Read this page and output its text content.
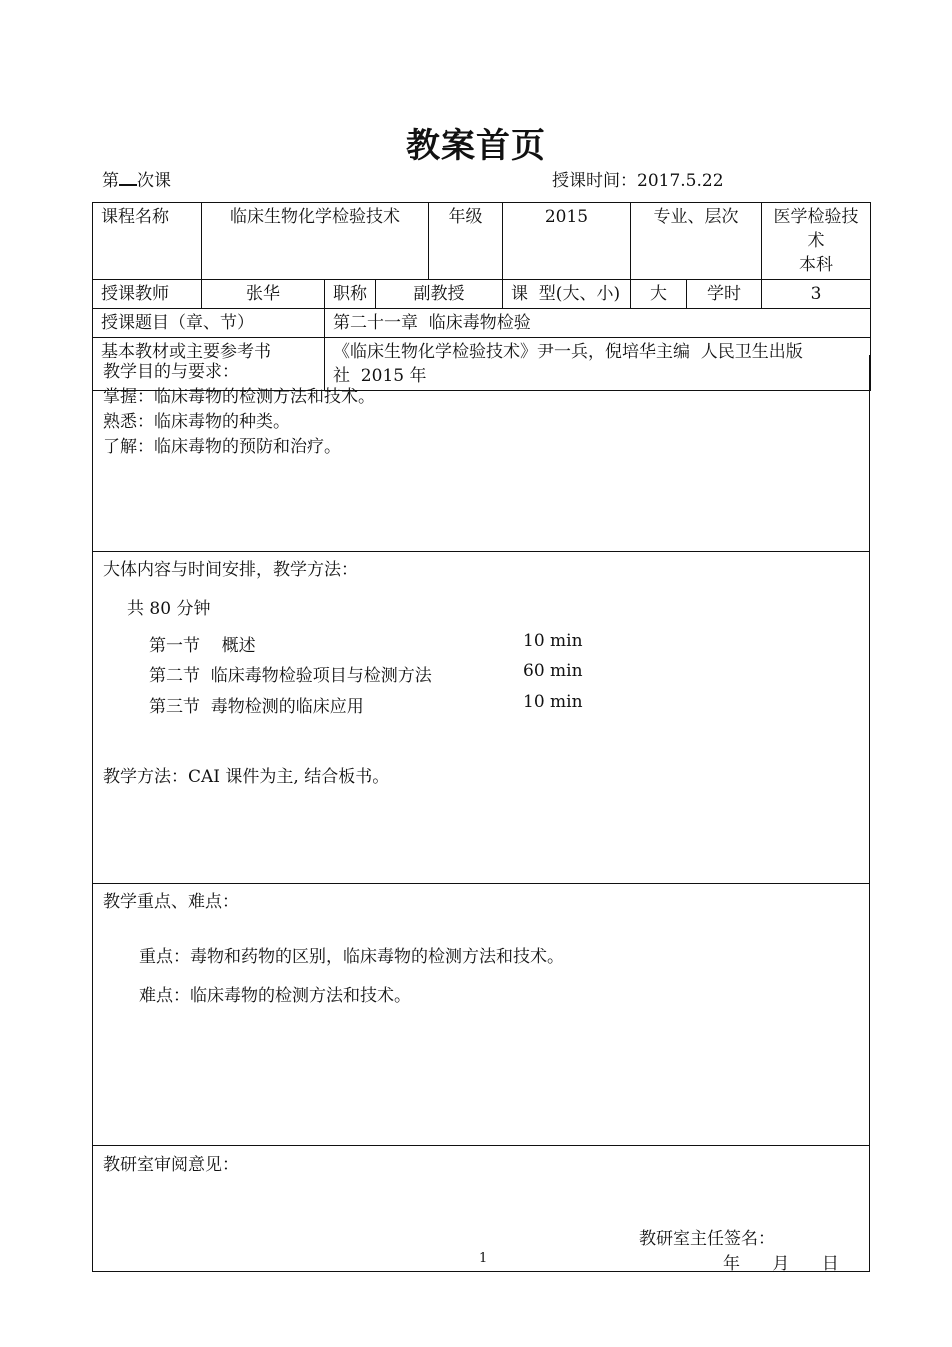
教案首页
第 次课	授课时间：2017.5.22
课程名称	临床生物化学检验技术			年级	2015	专业、层次		医学检验技术
本科

授课教师	张华	职称	副教授		课  型(大、小)	大	学时	3
授课题目（章、节）		第二十一章  临床毒物检验						
基本教材或主要参考书		《临床生物化学检验技术》尹一兵，倪培华主编  人民卫生出版
社  2015 年						
教学目的与要求：
掌握：临床毒物的检测方法和技术。
熟悉：临床毒物的种类。
了解：临床毒物的预防和治疗。
大体内容与时间安排，教学方法：
共 80 分钟
第一节    概述	10 min
第二节  临床毒物检验项目与检测方法	60 min
第三节  毒物检测的临床应用	10 min
教学方法：CAI 课件为主, 结合板书。
教学重点、难点：
重点：毒物和药物的区别，临床毒物的检测方法和技术。
难点：临床毒物的检测方法和技术。
教研室审阅意见：
教研室主任签名：
年      月      日
1
